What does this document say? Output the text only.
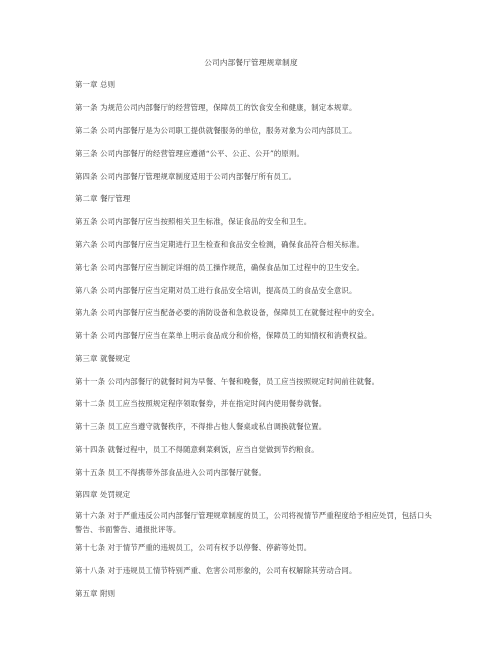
公司内部餐厅管理规章制度
第一章 总则
第一条 为规范公司内部餐厅的经营管理，保障员工的饮食安全和健康，制定本规章。
第二条 公司内部餐厅是为公司职工提供就餐服务的单位，服务对象为公司内部员工。
第三条 公司内部餐厅的经营管理应遵循“公平、公正、公开”的原则。
第四条 公司内部餐厅管理规章制度适用于公司内部餐厅所有员工。
第二章 餐厅管理
第五条 公司内部餐厅应当按照相关卫生标准，保证食品的安全和卫生。
第六条 公司内部餐厅应当定期进行卫生检查和食品安全检测，确保食品符合相关标准。
第七条 公司内部餐厅应当制定详细的员工操作规范，确保食品加工过程中的卫生安全。
第八条 公司内部餐厅应当定期对员工进行食品安全培训，提高员工的食品安全意识。
第九条 公司内部餐厅应当配备必要的消防设备和急救设备，保障员工在就餐过程中的安全。
第十条 公司内部餐厅应当在菜单上明示食品成分和价格，保障员工的知情权和消费权益。
第三章 就餐规定
第十一条 公司内部餐厅的就餐时间为早餐、午餐和晚餐，员工应当按照规定时间前往就餐。
第十二条 员工应当按照规定程序领取餐券，并在指定时间内使用餐券就餐。
第十三条 员工应当遵守就餐秩序，不得排占他人餐桌或私自调换就餐位置。
第十四条 就餐过程中，员工不得随意剩菜剩饭，应当自觉做到节约粮食。
第十五条 员工不得携带外部食品进入公司内部餐厅就餐。
第四章 处罚规定
第十六条 对于严重违反公司内部餐厅管理规章制度的员工，公司将视情节严重程度给予相应处罚，包括口头警告、书面警告、通报批评等。
第十七条 对于情节严重的违规员工，公司有权予以停餐、停薪等处罚。
第十八条 对于违规员工情节特别严重、危害公司形象的，公司有权解除其劳动合同。
第五章 附则
